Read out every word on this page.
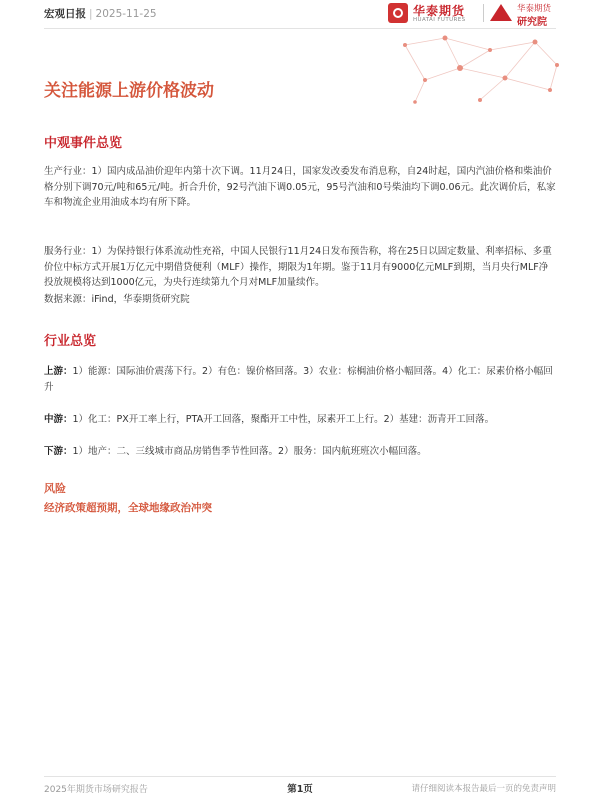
宏观日报 | 2025-11-25	华泰期货
HUATAI FUTURES
华泰期货
研究院
关注能源上游价格波动
中观事件总览

生产行业：1）国内成品油价迎年内第十次下调。11月24日，国家发改委发布消息称，自24时起，国内汽油价格和柴油价格分别下调70元/吨和65元/吨。折合升价，92号汽油下调0.05元，95号汽油和0号柴油均下调0.06元。此次调价后，私家车和物流企业用油成本均有所下降。

服务行业：1）为保持银行体系流动性充裕，中国人民银行11月24日发布预告称，将在25日以固定数量、利率招标、多重价位中标方式开展1万亿元中期借贷便利（MLF）操作，期限为1年期。鉴于11月有9000亿元MLF到期，当月央行MLF净投放规模将达到1000亿元，为央行连续第九个月对MLF加量续作。

数据来源：iFind，华泰期货研究院

行业总览

上游：1）能源：国际油价震荡下行。2）有色：镍价格回落。3）农业：棕榈油价格小幅回落。4）化工：尿素价格小幅回升

中游：1）化工：PX开工率上行，PTA开工回落，聚酯开工中性，尿素开工上行。2）基建：沥青开工回落。

下游：1）地产：二、三线城市商品房销售季节性回落。2）服务：国内航班班次小幅回落。

风险
经济政策超预期，全球地缘政治冲突
2025年期货市场研究报告	第1页	请仔细阅读本报告最后一页的免责声明
